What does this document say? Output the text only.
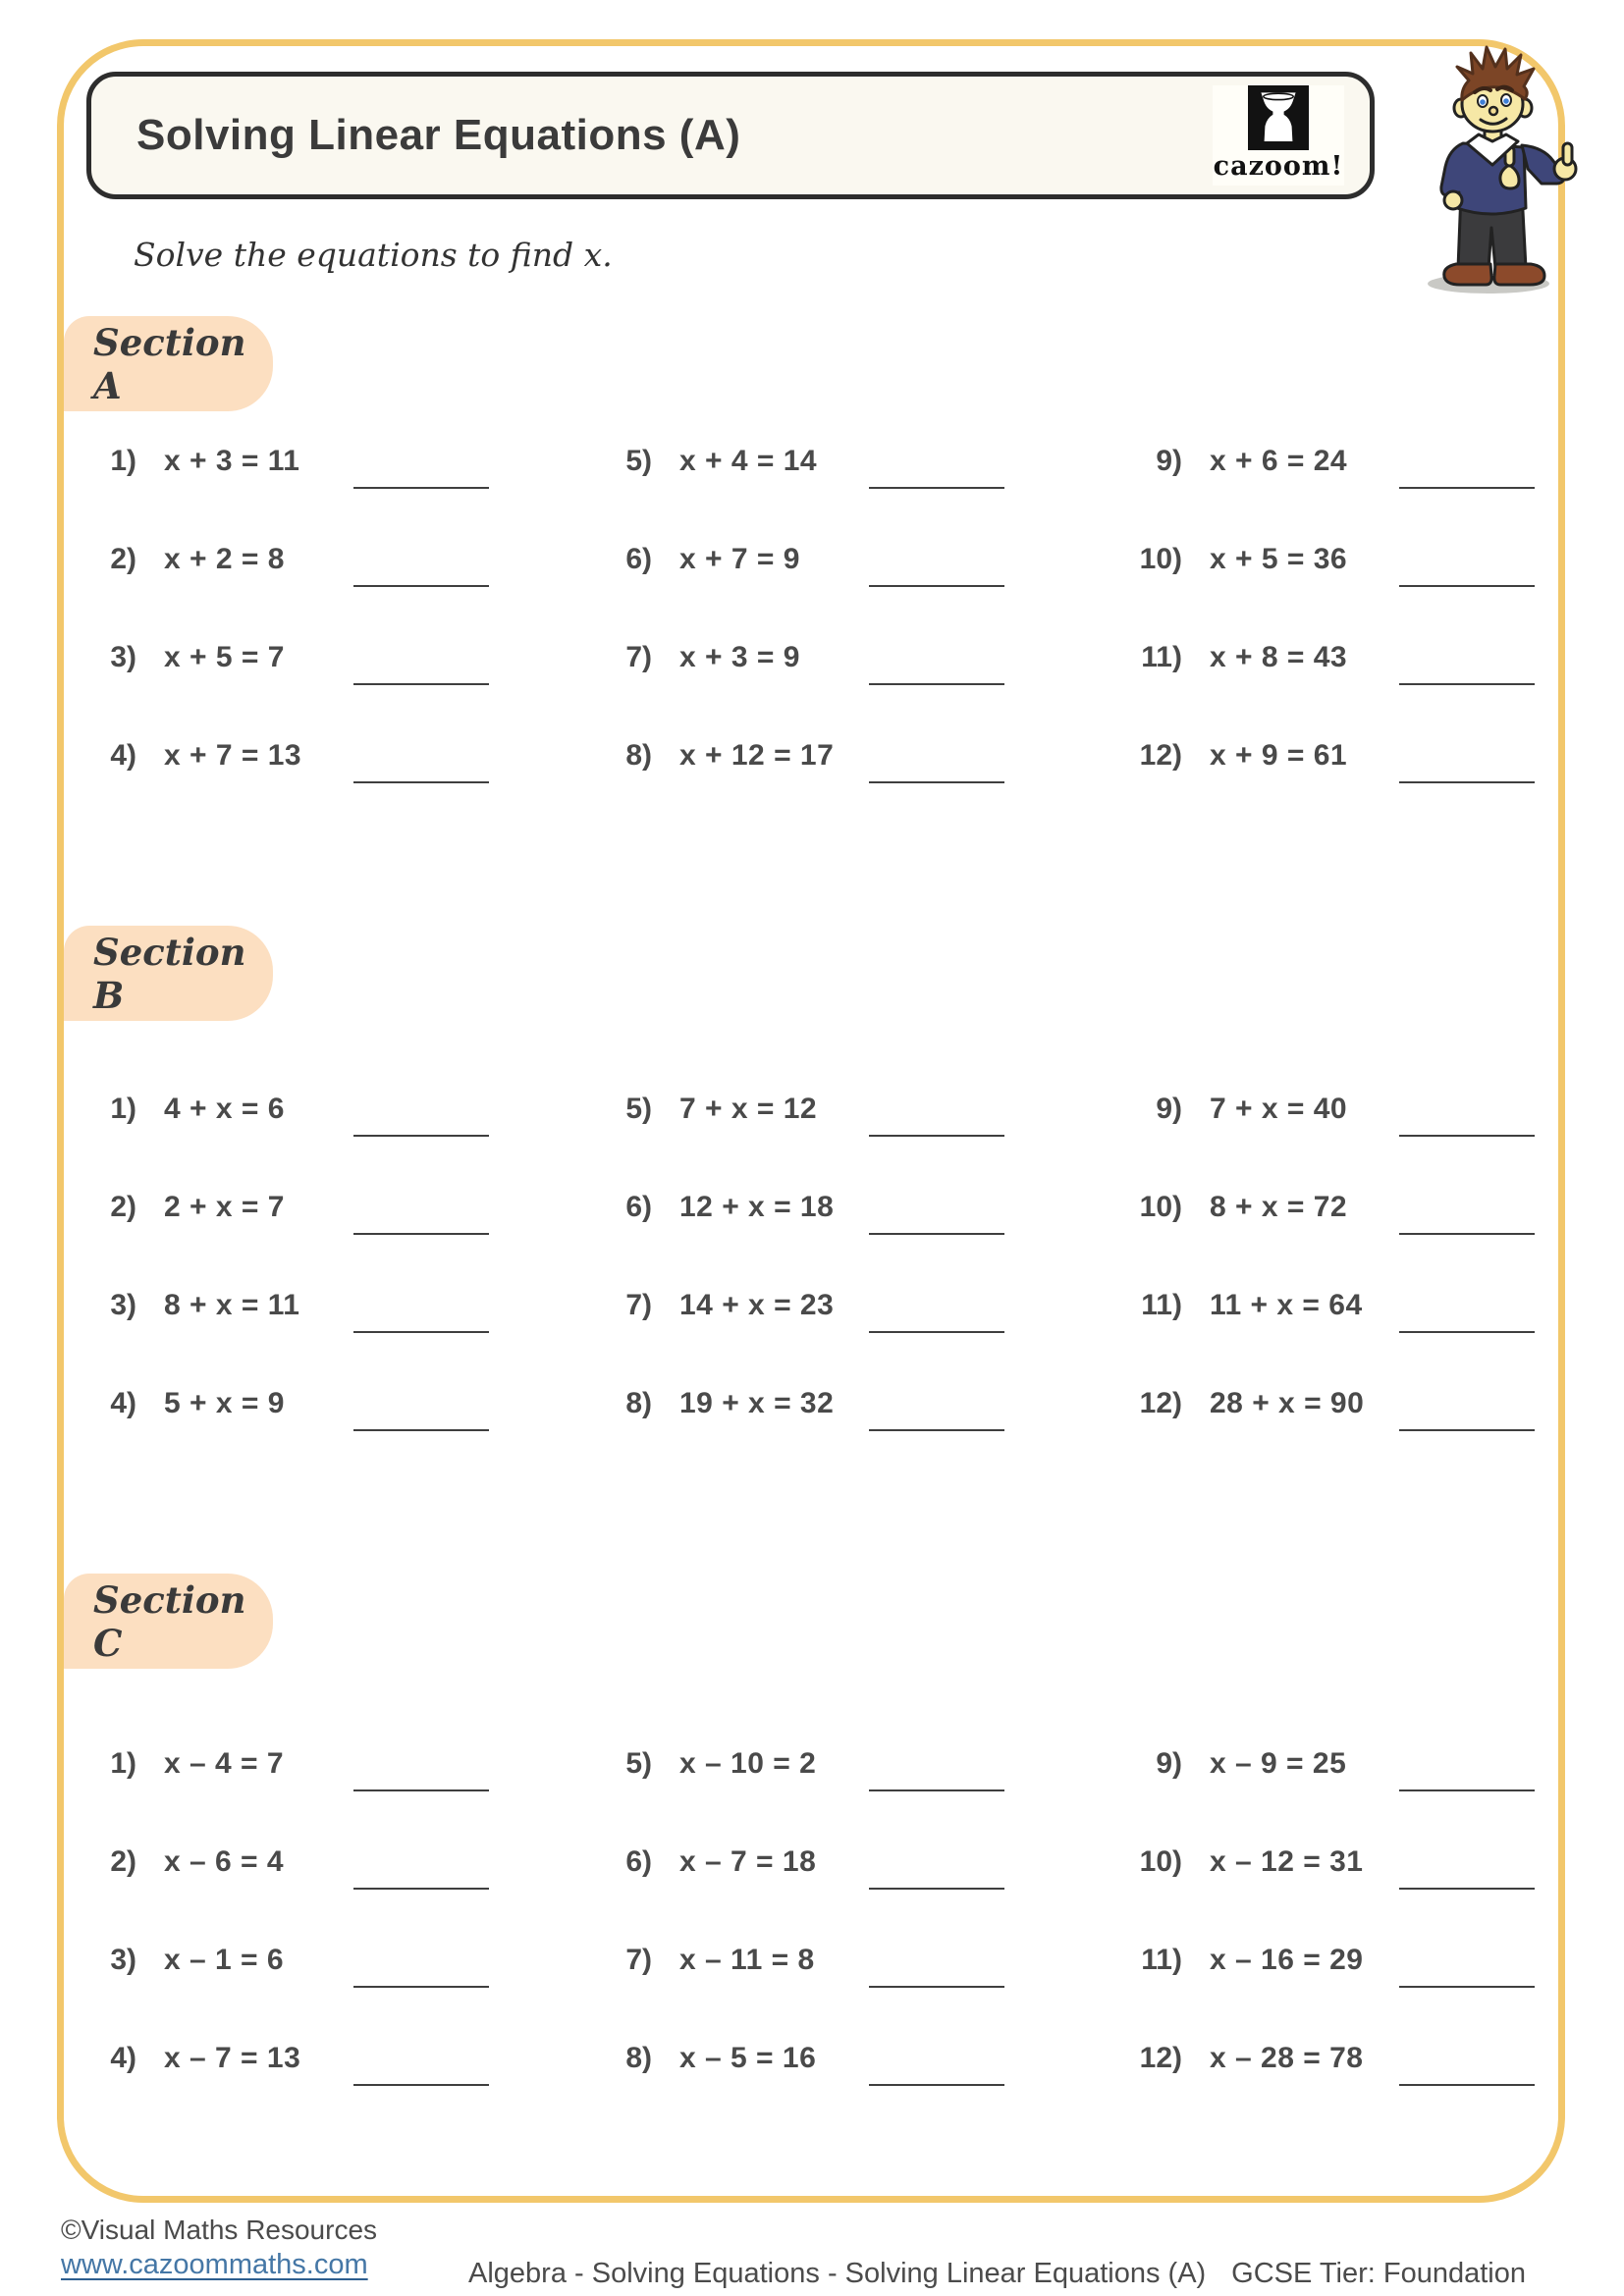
Solving Linear Equations (A)
cazoom!
Solve the equations to find x.
Section A
1) x + 3 = 11
2) x + 2 = 8
3) x + 5 = 7
4) x + 7 = 13
5) x + 4 = 14
6) x + 7 = 9
7) x + 3 = 9
8) x + 12 = 17
9) x + 6 = 24
10) x + 5 = 36
11) x + 8 = 43
12) x + 9 = 61
Section B
1) 4 + x = 6
2) 2 + x = 7
3) 8 + x = 11
4) 5 + x = 9
5) 7 + x = 12
6) 12 + x = 18
7) 14 + x = 23
8) 19 + x = 32
9) 7 + x = 40
10) 8 + x = 72
11) 11 + x = 64
12) 28 + x = 90
Section C
1) x – 4 = 7
2) x – 6 = 4
3) x – 1 = 6
4) x – 7 = 13
5) x – 10 = 2
6) x – 7 = 18
7) x – 11 = 8
8) x – 5 = 16
9) x – 9 = 25
10) x – 12 = 31
11) x – 16 = 29
12) x – 28 = 78
©Visual Maths Resources
www.cazoommaths.com	Algebra - Solving Equations - Solving Linear Equations (A) GCSE Tier: Foundation
